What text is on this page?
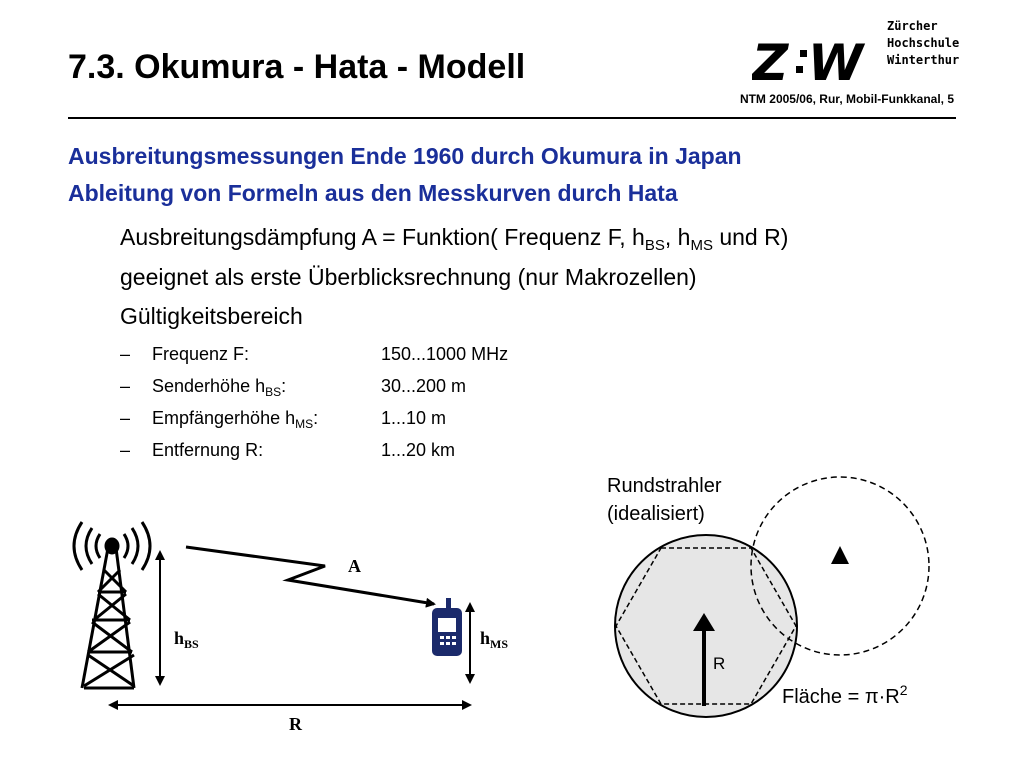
7.3. Okumura - Hata - Modell	Z W
Zürcher
Hochschule
Winterthur
NTM 2005/06, Rur, Mobil-Funkkanal, 5
Ausbreitungsmessungen Ende 1960 durch Okumura in Japan
Ableitung von Formeln aus den Messkurven durch Hata
Ausbreitungsdämpfung A = Funktion( Frequenz F, $h_{BS}$, $h_{MS}$ und R)
geeignet als erste Überblicksrechnung (nur Makrozellen)
Gültigkeitsbereich
– Frequenz F:	150...1000 MHz
– Senderhöhe $h_{BS}$:	30...200 m
– Empfängerhöhe $h_{MS}$:	1...10 m
– Entfernung R:	1...20 km
A
$h_{BS}$	$h_{MS}$
R
Rundstrahler
(idealisiert)
R
Fläche = $\pi\cdot R^2$
